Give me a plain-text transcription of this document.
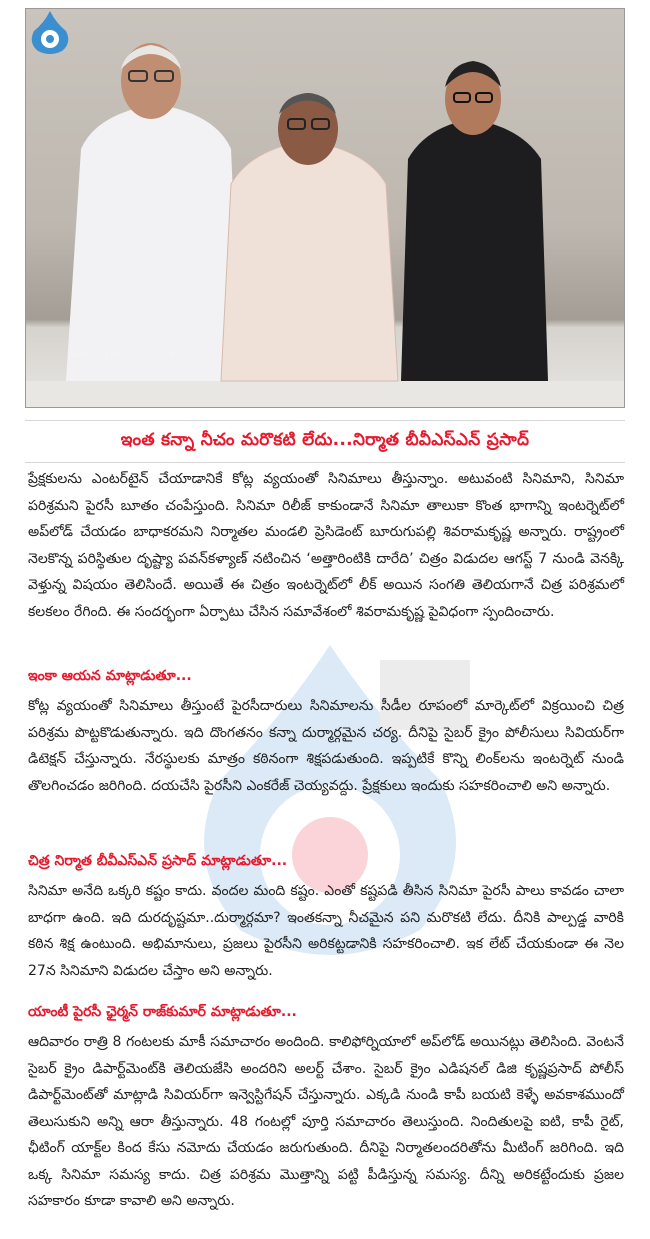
www.cinejosh.com
ఇంత కన్నా నీచం మరొకటి లేదు...నిర్మాత బీవీఎస్ఎన్ ప్రసాద్
ప్రేక్షకులను ఎంటర్‌టైన్ చేయాడానికే కోట్ల వ్యయంతో సినిమాలు తీస్తున్నాం. అటువంటి సినిమాని, సినిమా పరిశ్రమని పైరసీ బూతం చంపేస్తుంది. సినిమా రిలీజ్ కాకుండానే సినిమా తాలుకా కొంత భాగాన్ని ఇంటర్నెట్‌లో అప్‌లోడ్ చేయడం బాధాకరమని నిర్మాతల మండలి ప్రెసిడెంట్ బూరుగుపల్లి శివరామకృష్ణ అన్నారు. రాష్ట్రంలో నెలకొన్న పరిస్థితుల దృష్ట్యా పవన్‌కళ్యాణ్ నటించిన ‘అత్తారింటికి దారేది’ చిత్రం విడుదల ఆగస్ట్ 7 నుండి వెనక్కి వెళ్తున్న విషయం తెలిసిందే. అయితే ఈ చిత్రం ఇంటర్నెట్‌లో లీక్ అయిన సంగతి తెలియగానే చిత్ర పరిశ్రమలో కలకలం రేగింది. ఈ సందర్భంగా ఏర్పాటు చేసిన సమావేశంలో శివరామకృష్ణ పైవిధంగా స్పందించారు.
ఇంకా ఆయన మాట్లాడుతూ...
కోట్ల వ్యయంతో సినిమాలు తీస్తుంటే పైరసీదారులు సినిమాలను సీడీల రూపంలో మార్కెట్‌లో విక్రయించి చిత్ర పరిశ్రమ పొట్టకొడుతున్నారు. ఇది దొంగతనం కన్నా దుర్మార్గమైన చర్య. దీనిపై సైబర్ క్రైం పోలీసులు సివియర్‌గా డిటెక్షన్ చేస్తున్నారు. నేరస్థులకు మాత్రం కఠినంగా శిక్షపడుతుంది. ఇప్పటికే కొన్ని లింక్‌లను ఇంటర్నెట్ నుండి తొలగించడం జరిగింది. దయచేసి పైరసీని ఎంకరేజ్ చెయ్యవద్దు. ప్రేక్షకులు ఇందుకు సహకరించాలి అని అన్నారు.
చిత్ర నిర్మాత బీవీఎస్ఎన్ ప్రసాద్ మాట్లాడుతూ...
సినిమా అనేది ఒక్కరి కష్టం కాదు. వందల మంది కష్టం. ఎంతో కష్టపడి తీసిన సినిమా పైరసీ పాలు కావడం చాలా బాధగా ఉంది. ఇది దురదృష్టమా..దుర్మార్గమా? ఇంతకన్నా నీచమైన పని మరొకటి లేదు. దీనికి పాల్పడ్డ వారికి కఠిన శిక్ష ఉంటుంది. అభిమానులు, ప్రజలు పైరసీని అరికట్టడానికి సహకరించాలి. ఇక లేట్ చేయకుండా ఈ నెల 27న సినిమాని విడుదల చేస్తాం అని అన్నారు.
యాంటీ పైరసీ ఛైర్మన్ రాజ్‌కుమార్ మాట్లాడుతూ...
ఆదివారం రాత్రి 8 గంటలకు మాకీ సమాచారం అందింది. కాలిఫోర్నియాలో అప్‌లోడ్ అయినట్లు తెలిసింది. వెంటనే సైబర్ క్రైం డిపార్ట్‌మెంట్‌కి తెలియజేసి అందరిని అలర్ట్ చేశాం. సైబర్ క్రైం ఎడిషనల్ డిజి కృష్ణప్రసాద్ పోలీస్ డిపార్ట్‌మెంట్‌తో మాట్లాడి సివియర్‌గా ఇన్వెస్టిగేషన్ చేస్తున్నారు. ఎక్కడి నుండి కాపీ బయటి కెళ్ళే అవకాశముందో తెలుసుకుని అన్ని ఆరా తీస్తున్నారు. 48 గంటల్లో పూర్తి సమాచారం తెలుస్తుంది. నిందితులపై ఐటి, కాపీ రైట్, ఛీటింగ్ యాక్ట్‌ల కింద కేసు నమోదు చేయడం జరుగుతుంది. దీనిపై నిర్మాతలందరితోను మీటింగ్ జరిగింది. ఇది ఒక్క సినిమా సమస్య కాదు. చిత్ర పరిశ్రమ మొత్తాన్ని పట్టి పీడిస్తున్న సమస్య. దీన్ని అరికట్టేందుకు ప్రజల సహకారం కూడా కావాలి అని అన్నారు.
